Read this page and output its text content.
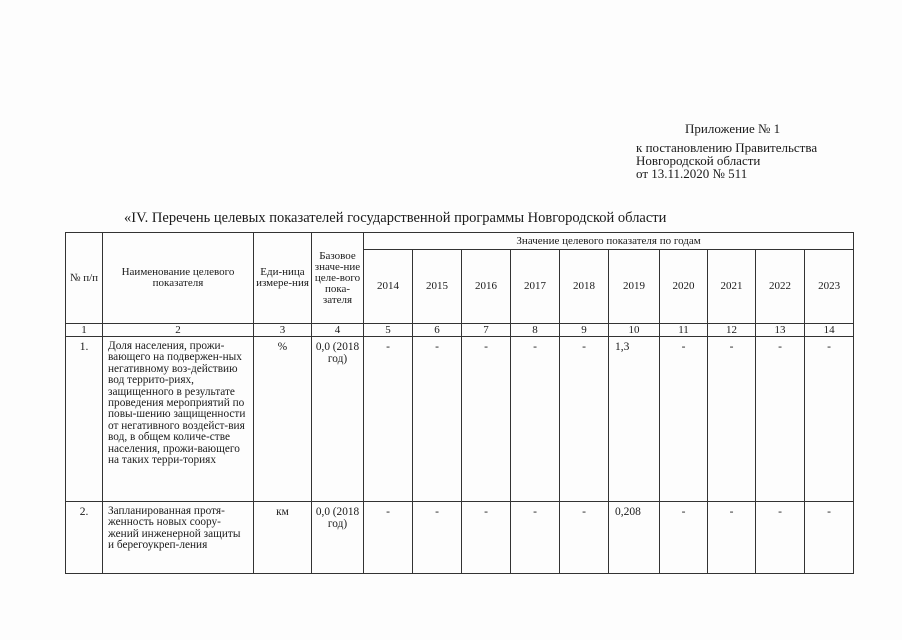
Приложение № 1
к постановлению Правительства
Новгородской области
от 13.11.2020 № 511
«IV. Перечень целевых показателей государственной программы Новгородской области
№ п/п	Наименование целевого показателя	Еди-ница измере-ния	Базовое значе-ние целе-вого пока-зателя	Значение целевого показателя по годам									
				2014	2015	2016	2017	2018	2019	2020	2021	2022	2023
1	2	3	4	5	6	7	8	9	10	11	12	13	14
1.	Доля населения, прожи-вающего на подвержен-ных негативному воз-действию вод террито-риях, защищенного в результате проведения мероприятий по повы-шению защищенности от негативного воздейст-вия вод, в общем количе-стве населения, прожи-вающего на таких терри-ториях	%	0,0 (2018 год)	-	-	-	-	-	1,3	-	-	-	-
2.	Запланированная протя-женность новых соору-жений инженерной защиты и берегоукреп-ления	км	0,0 (2018 год)	-	-	-	-	-	0,208	-	-	-	-
